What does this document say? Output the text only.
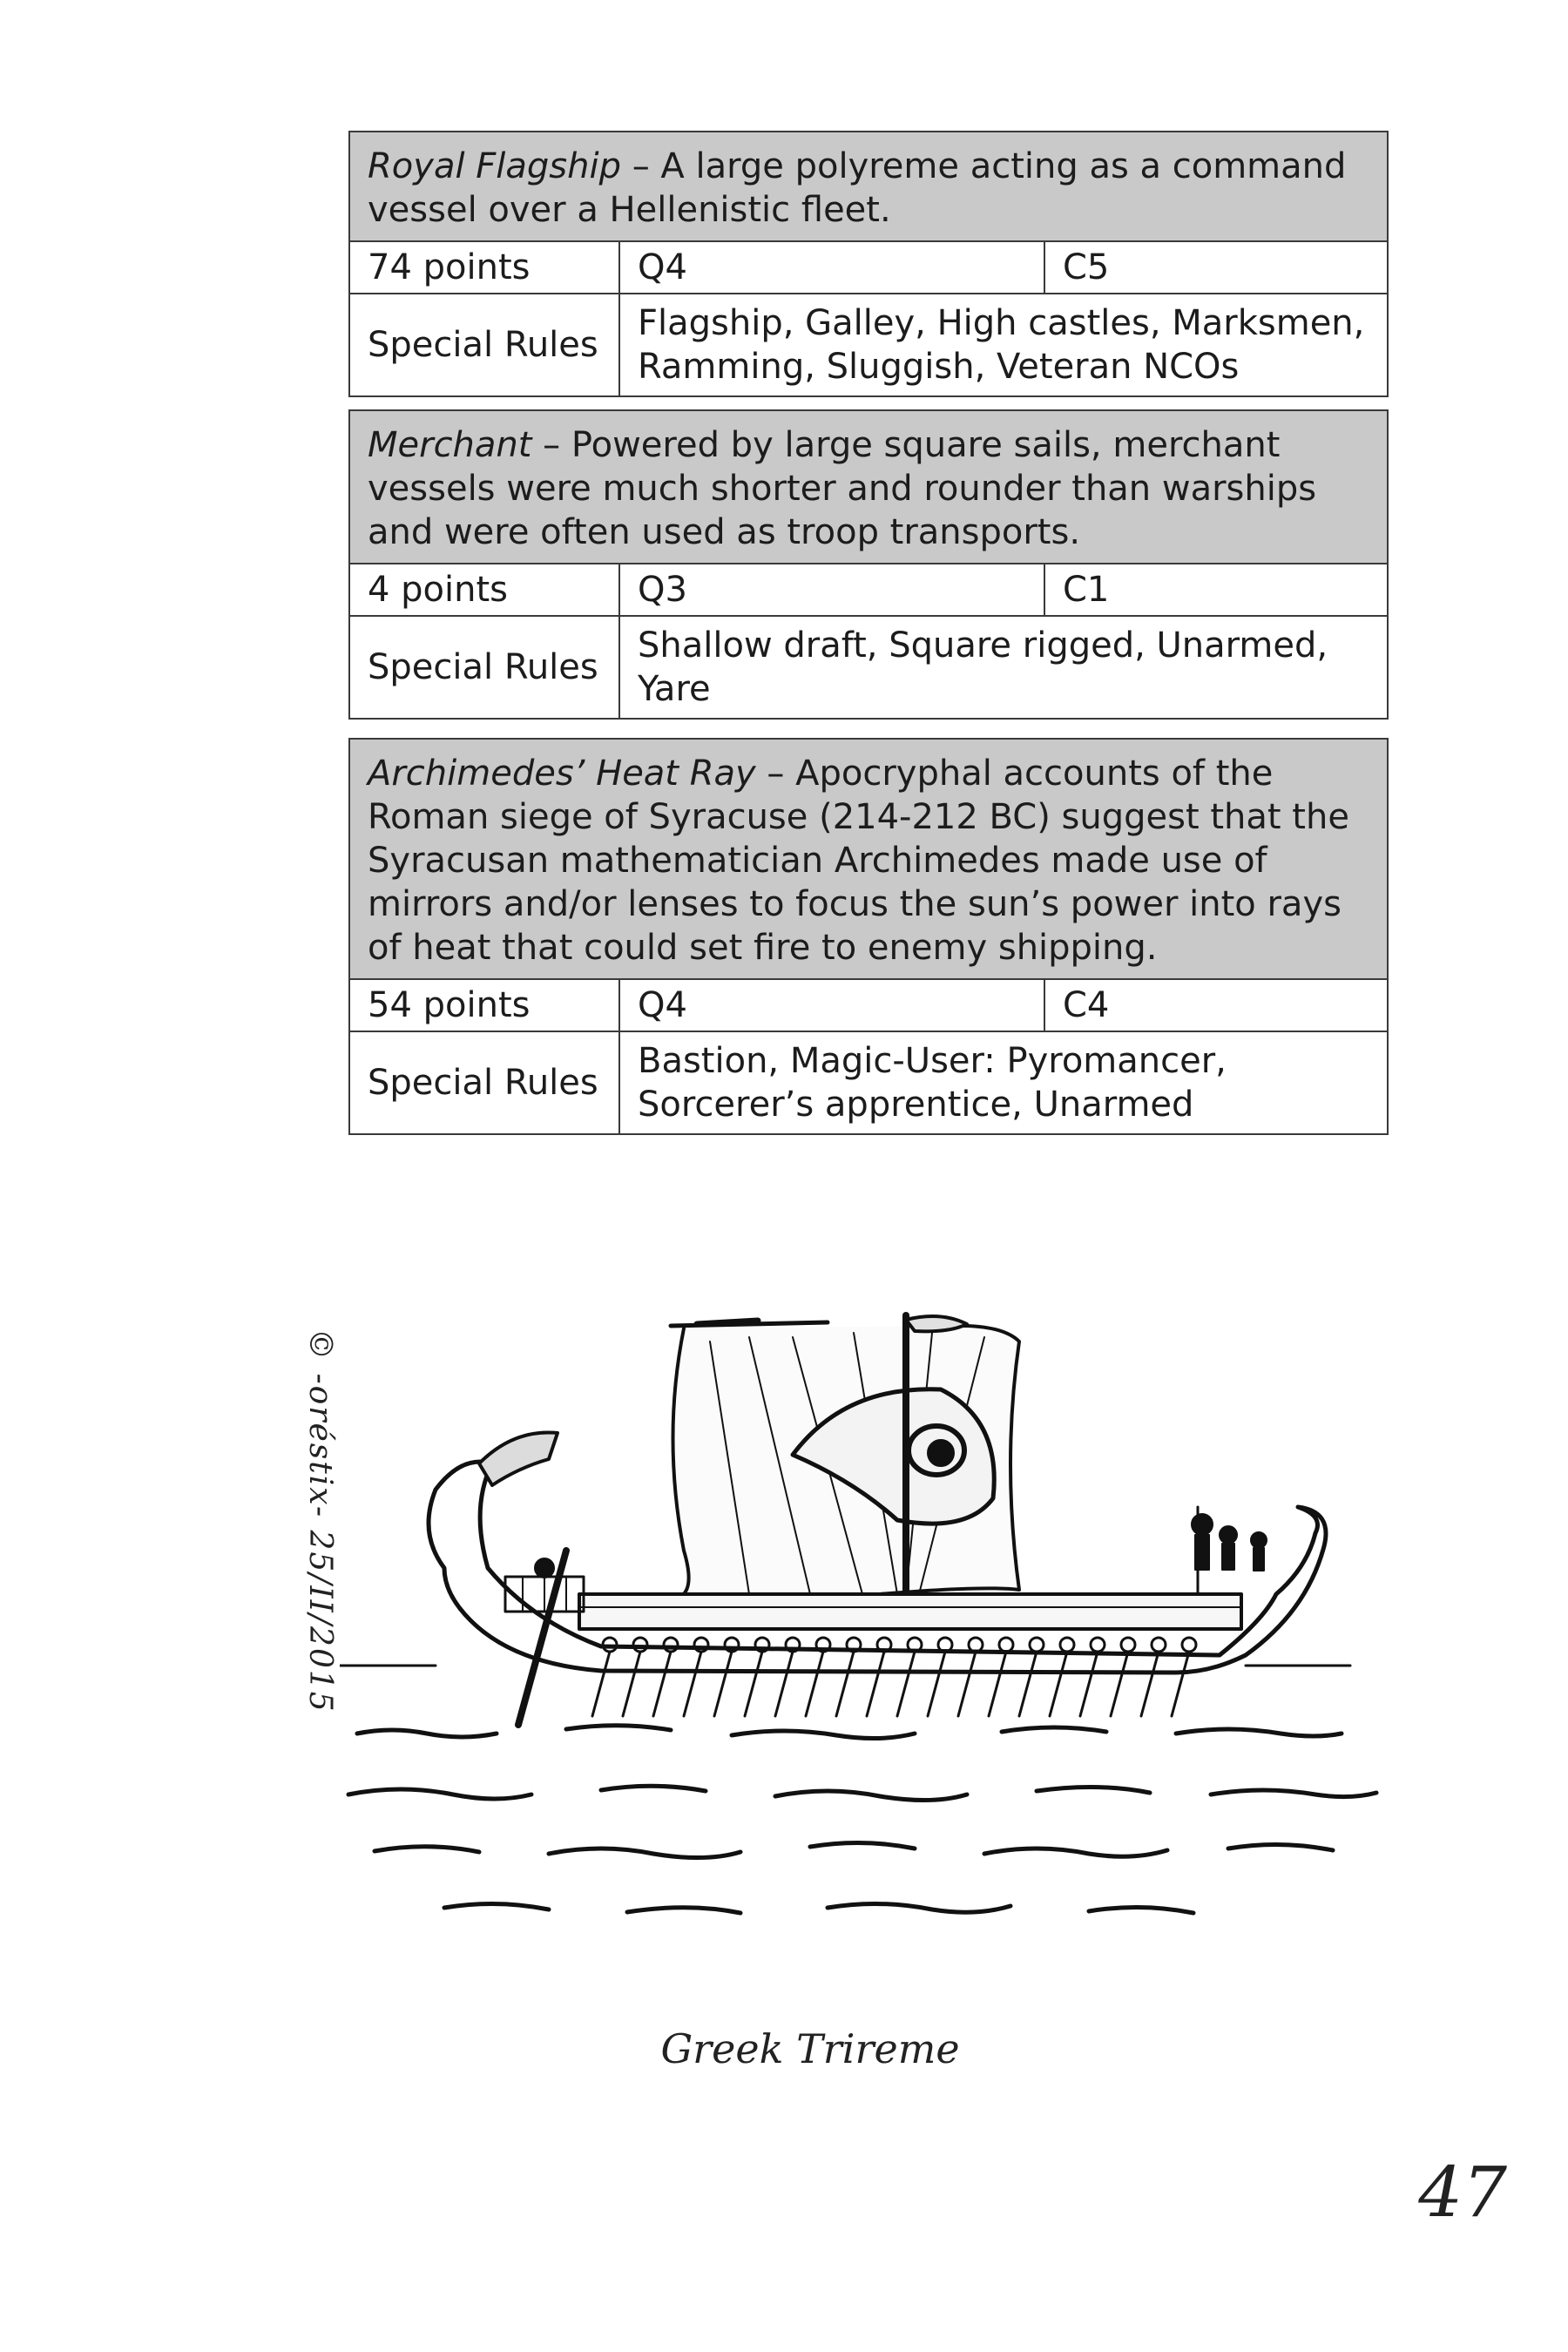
Royal Flagship – A large polyreme acting as a command vessel over a Hellenistic fleet.		
74 points	Q4	C5
Special Rules	Flagship, Galley, High castles, Marksmen, Ramming, Sluggish, Veteran NCOs	
Merchant – Powered by large square sails, merchant vessels were much shorter and rounder than warships and were often used as troop transports.		
4 points	Q3	C1
Special Rules	Shallow draft, Square rigged, Unarmed, Yare	
Archimedes’ Heat Ray – Apocryphal accounts of the Roman siege of Syracuse (214-212 BC) suggest that the Syracusan mathematician Archimedes made use of mirrors and/or lenses to focus the sun’s power into rays of heat that could set fire to enemy shipping.		
54 points	Q4	C4
Special Rules	Bastion, Magic-User: Pyromancer, Sorcerer’s apprentice, Unarmed	
© -oréstix- 25/II/2015
Greek Trireme
47
